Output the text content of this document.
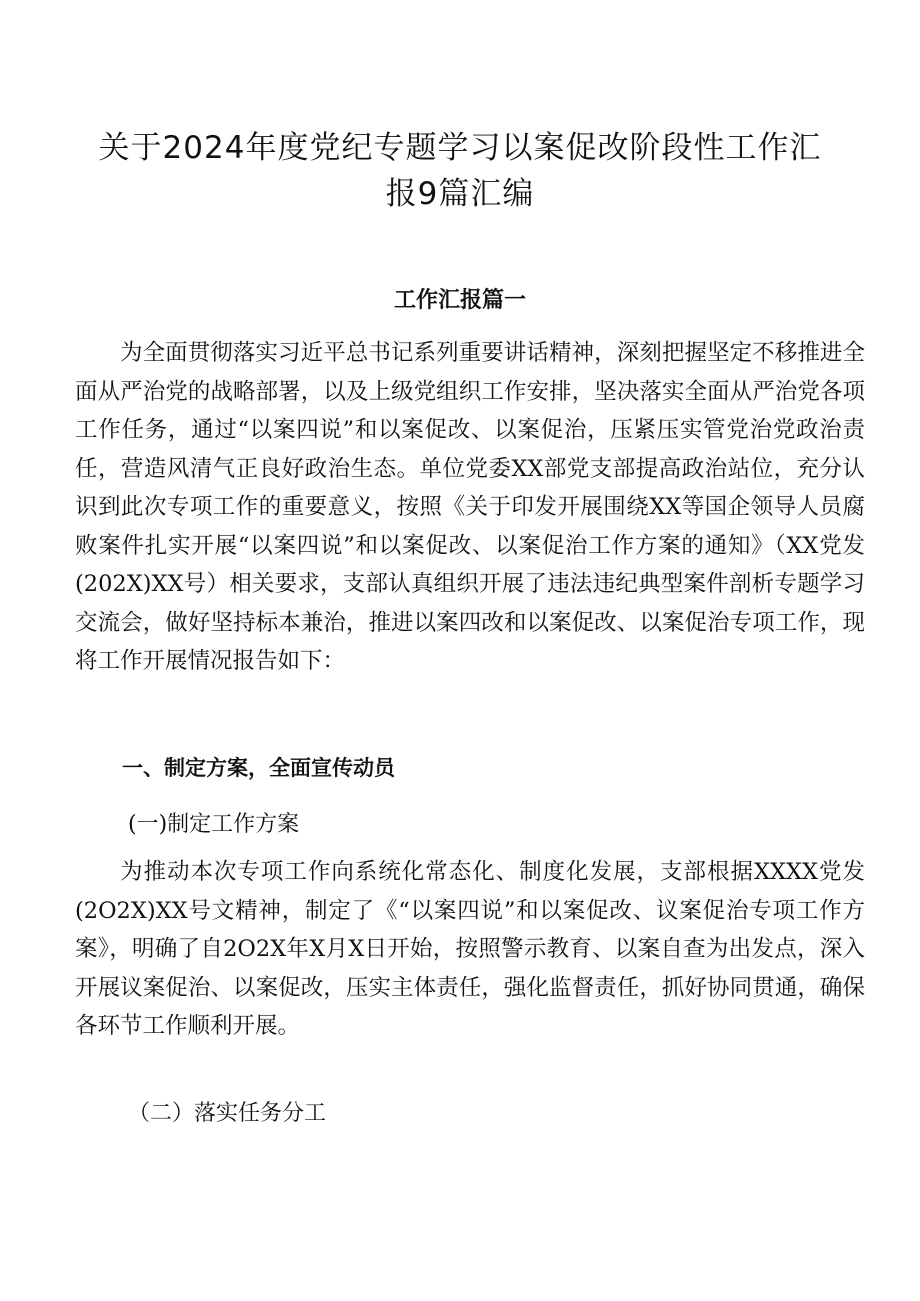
关于2024年度党纪专题学习以案促改阶段性工作汇
报9篇汇编
工作汇报篇一

为全面贯彻落实习近平总书记系列重要讲话精神，深刻把握坚定不移推进全面从严治党的战略部署，以及上级党组织工作安排，坚决落实全面从严治党各项工作任务，通过“以案四说”和以案促改、以案促治，压紧压实管党治党政治责任，营造风清气正良好政治生态。单位党委XX部党支部提高政治站位，充分认识到此次专项工作的重要意义，按照《关于印发开展围绕XX等国企领导人员腐败案件扎实开展“以案四说”和以案促改、以案促治工作方案的通知》（XX党发(202X)XX号）相关要求，支部认真组织开展了违法违纪典型案件剖析专题学习交流会，做好坚持标本兼治，推进以案四改和以案促改、以案促治专项工作，现将工作开展情况报告如下：

一、制定方案，全面宣传动员
(一)制定工作方案

为推动本次专项工作向系统化常态化、制度化发展，支部根据XXXX党发(2O2X)XX号文精神，制定了《“以案四说”和以案促改、议案促治专项工作方案》，明确了自2O2X年X月X日开始，按照警示教育、以案自查为出发点，深入开展议案促治、以案促改，压实主体责任，强化监督责任，抓好协同贯通，确保各环节工作顺利开展。

（二）落实任务分工
